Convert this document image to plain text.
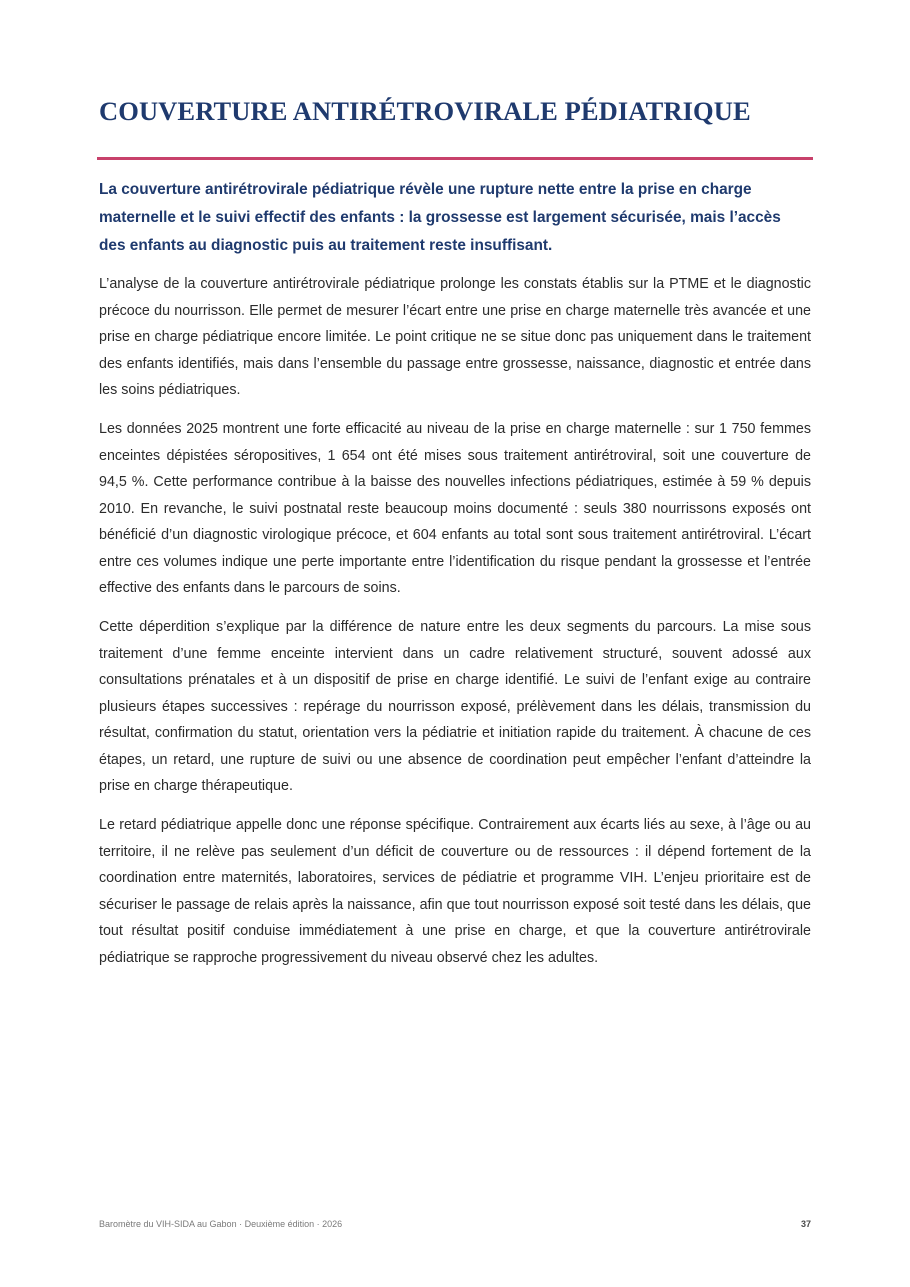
COUVERTURE ANTIRÉTROVIRALE PÉDIATRIQUE

La couverture antirétrovirale pédiatrique révèle une rupture nette entre la prise en charge maternelle et le suivi effectif des enfants : la grossesse est largement sécurisée, mais l’accès des enfants au diagnostic puis au traitement reste insuffisant.

L’analyse de la couverture antirétrovirale pédiatrique prolonge les constats établis sur la PTME et le diagnostic précoce du nourrisson. Elle permet de mesurer l’écart entre une prise en charge maternelle très avancée et une prise en charge pédiatrique encore limitée. Le point critique ne se situe donc pas uniquement dans le traitement des enfants identifiés, mais dans l’ensemble du passage entre grossesse, naissance, diagnostic et entrée dans les soins pédiatriques.

Les données 2025 montrent une forte efficacité au niveau de la prise en charge maternelle : sur 1 750 femmes enceintes dépistées séropositives, 1 654 ont été mises sous traitement antirétroviral, soit une couverture de 94,5 %. Cette performance contribue à la baisse des nouvelles infections pédiatriques, estimée à 59 % depuis 2010. En revanche, le suivi postnatal reste beaucoup moins documenté : seuls 380 nourrissons exposés ont bénéficié d’un diagnostic virologique précoce, et 604 enfants au total sont sous traitement antirétroviral. L’écart entre ces volumes indique une perte importante entre l’identification du risque pendant la grossesse et l’entrée effective des enfants dans le parcours de soins.

Cette déperdition s’explique par la différence de nature entre les deux segments du parcours. La mise sous traitement d’une femme enceinte intervient dans un cadre relativement structuré, souvent adossé aux consultations prénatales et à un dispositif de prise en charge identifié. Le suivi de l’enfant exige au contraire plusieurs étapes successives : repérage du nourrisson exposé, prélèvement dans les délais, transmission du résultat, confirmation du statut, orientation vers la pédiatrie et initiation rapide du traitement. À chacune de ces étapes, un retard, une rupture de suivi ou une absence de coordination peut empêcher l’enfant d’atteindre la prise en charge thérapeutique.

Le retard pédiatrique appelle donc une réponse spécifique. Contrairement aux écarts liés au sexe, à l’âge ou au territoire, il ne relève pas seulement d’un déficit de couverture ou de ressources : il dépend fortement de la coordination entre maternités, laboratoires, services de pédiatrie et programme VIH. L’enjeu prioritaire est de sécuriser le passage de relais après la naissance, afin que tout nourrisson exposé soit testé dans les délais, que tout résultat positif conduise immédiatement à une prise en charge, et que la couverture antirétrovirale pédiatrique se rapproche progressivement du niveau observé chez les adultes.

Baromètre du VIH-SIDA au Gabon · Deuxième édition · 2026	37
